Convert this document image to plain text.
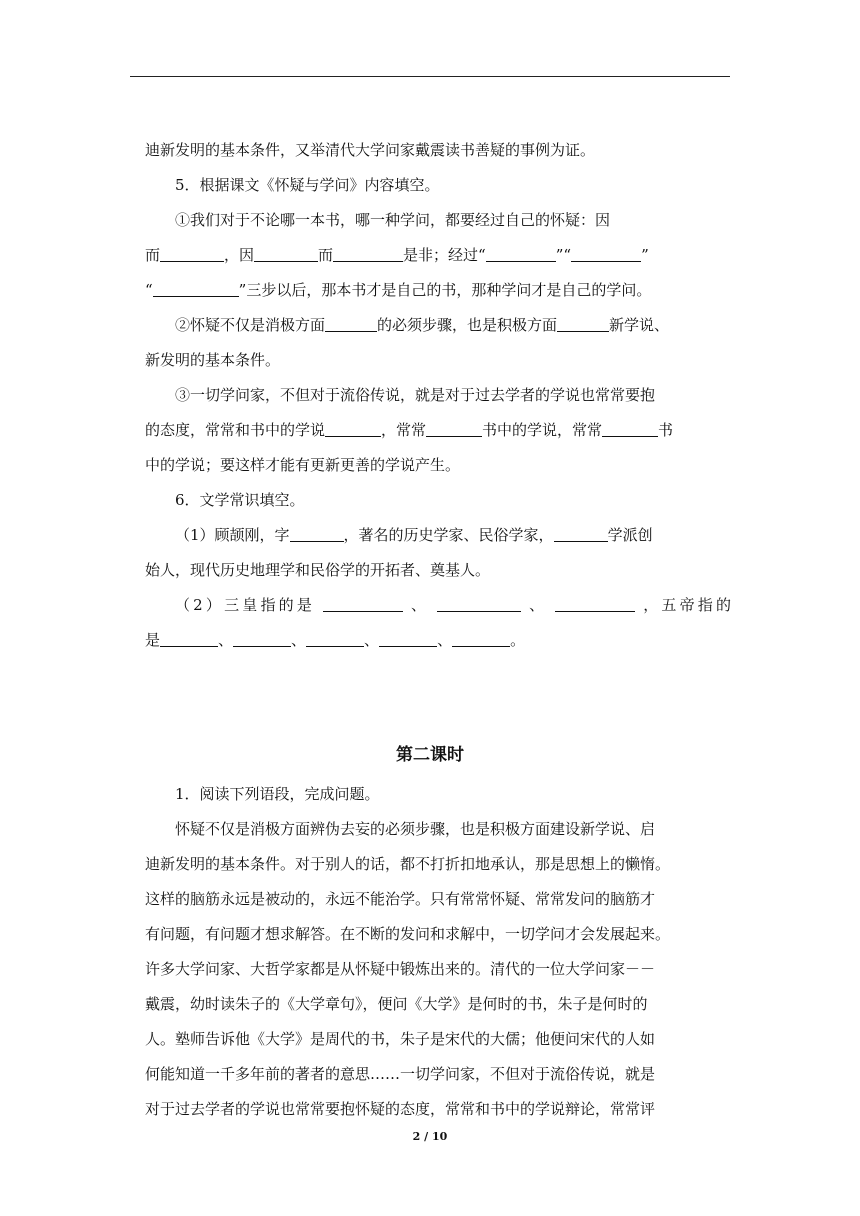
迪新发明的基本条件，又举清代大学问家戴震读书善疑的事例为证。
5．根据课文《怀疑与学问》内容填空。
①我们对于不论哪一本书，哪一种学问，都要经过自己的怀疑：因
而	，因	而	是非；经过“	”“	”
“	”三步以后，那本书才是自己的书，那种学问才是自己的学问。
②怀疑不仅是消极方面	的必须步骤，也是积极方面	新学说、
新发明的基本条件。
③一切学问家，不但对于流俗传说，就是对于过去学者的学说也常常要抱
的态度，常常和书中的学说	，常常	书中的学说，常常	书
中的学说；要这样才能有更新更善的学说产生。
6．文学常识填空。
（1）顾颉刚，字	，著名的历史学家、民俗学家，	学派创
始人，现代历史地理学和民俗学的开拓者、奠基人。
（2）三皇指的是	、	、	，五帝指的
是	、	、	、	、	。
第二课时
1．阅读下列语段，完成问题。
怀疑不仅是消极方面辨伪去妄的必须步骤，也是积极方面建设新学说、启
迪新发明的基本条件。对于别人的话，都不打折扣地承认，那是思想上的懒惰。
这样的脑筋永远是被动的，永远不能治学。只有常常怀疑、常常发问的脑筋才
有问题，有问题才想求解答。在不断的发问和求解中，一切学问才会发展起来。
许多大学问家、大哲学家都是从怀疑中锻炼出来的。清代的一位大学问家－－
戴震，幼时读朱子的《大学章句》，便问《大学》是何时的书，朱子是何时的
人。塾师告诉他《大学》是周代的书，朱子是宋代的大儒；他便问宋代的人如
何能知道一千多年前的著者的意思……一切学问家，不但对于流俗传说，就是
对于过去学者的学说也常常要抱怀疑的态度，常常和书中的学说辩论，常常评
2 / 10
